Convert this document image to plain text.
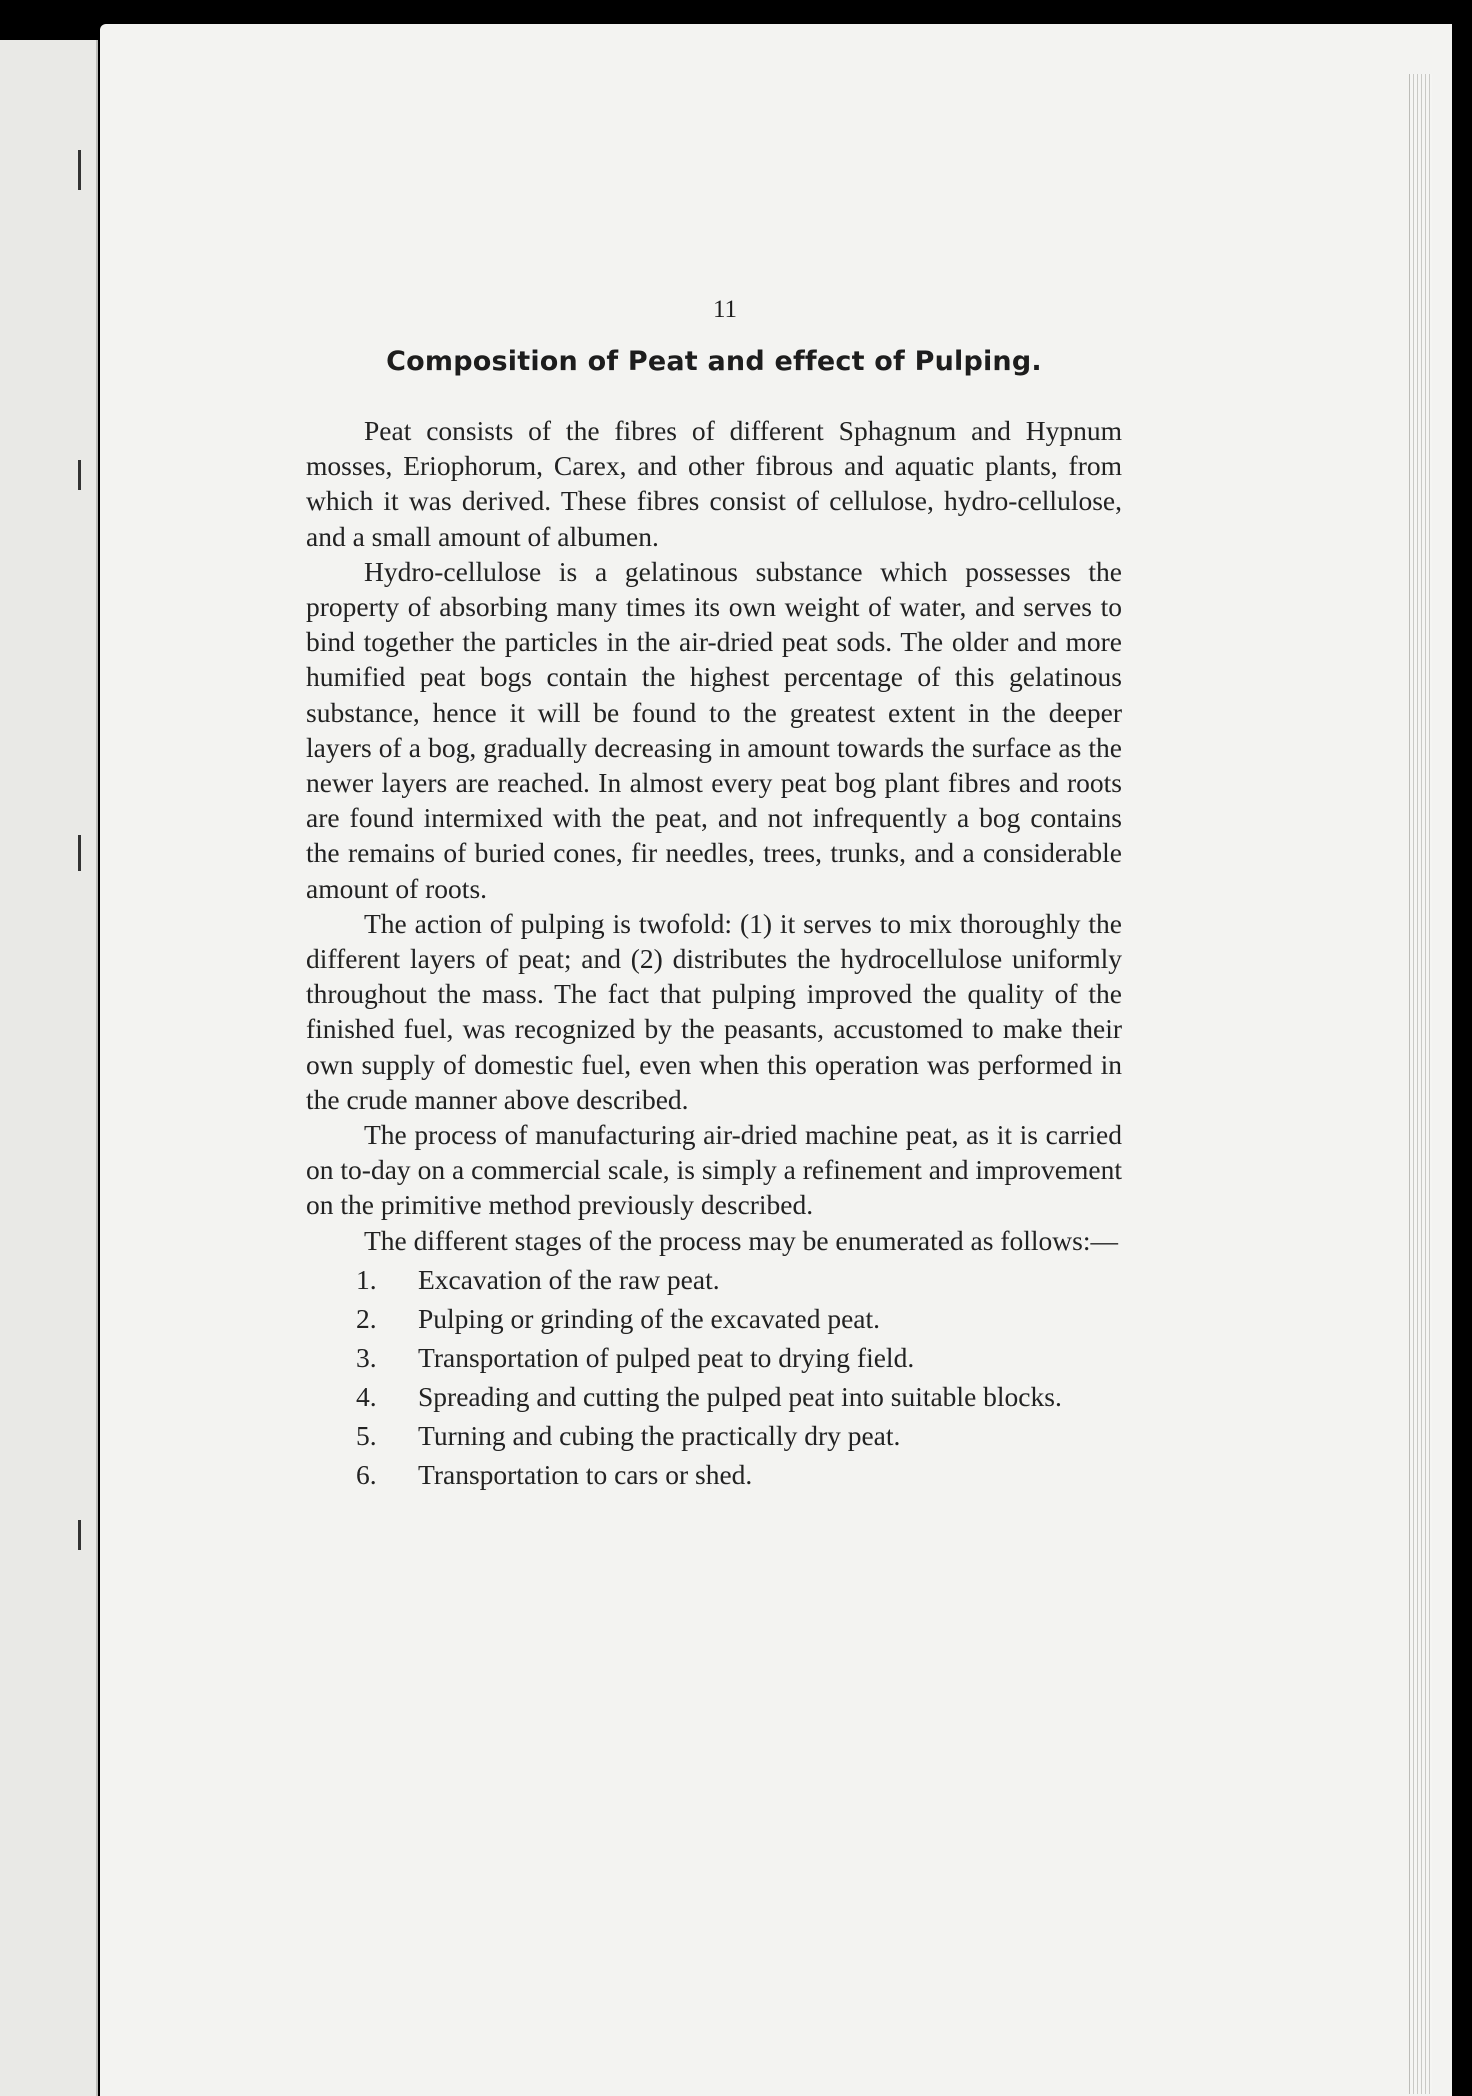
11
Composition of Peat and effect of Pulping.

Peat consists of the fibres of different Sphagnum and Hypnum mosses, Eriophorum, Carex, and other fibrous and aquatic plants, from which it was derived. These fibres consist of cellulose, hydro-cellulose, and a small amount of albumen.

Hydro-cellulose is a gelatinous substance which possesses the property of absorbing many times its own weight of water, and serves to bind together the particles in the air-dried peat sods. The older and more humified peat bogs contain the highest percentage of this gelatinous substance, hence it will be found to the greatest extent in the deeper layers of a bog, gradually decreasing in amount towards the surface as the newer layers are reached. In almost every peat bog plant fibres and roots are found intermixed with the peat, and not infrequently a bog contains the remains of buried cones, fir needles, trees, trunks, and a considerable amount of roots.

The action of pulping is twofold: (1) it serves to mix thoroughly the different layers of peat; and (2) distributes the hydrocellulose uniformly throughout the mass. The fact that pulping improved the quality of the finished fuel, was recognized by the peasants, accustomed to make their own supply of domestic fuel, even when this operation was performed in the crude manner above described.

The process of manufacturing air-dried machine peat, as it is carried on to-day on a commercial scale, is simply a refinement and improvement on the primitive method previously described.

The different stages of the process may be enumerated as follows:—

1.	Excavation of the raw peat.
2.	Pulping or grinding of the excavated peat.
3.	Transportation of pulped peat to drying field.
4.	Spreading and cutting the pulped peat into suitable blocks.
5.	Turning and cubing the practically dry peat.
6.	Transportation to cars or shed.
